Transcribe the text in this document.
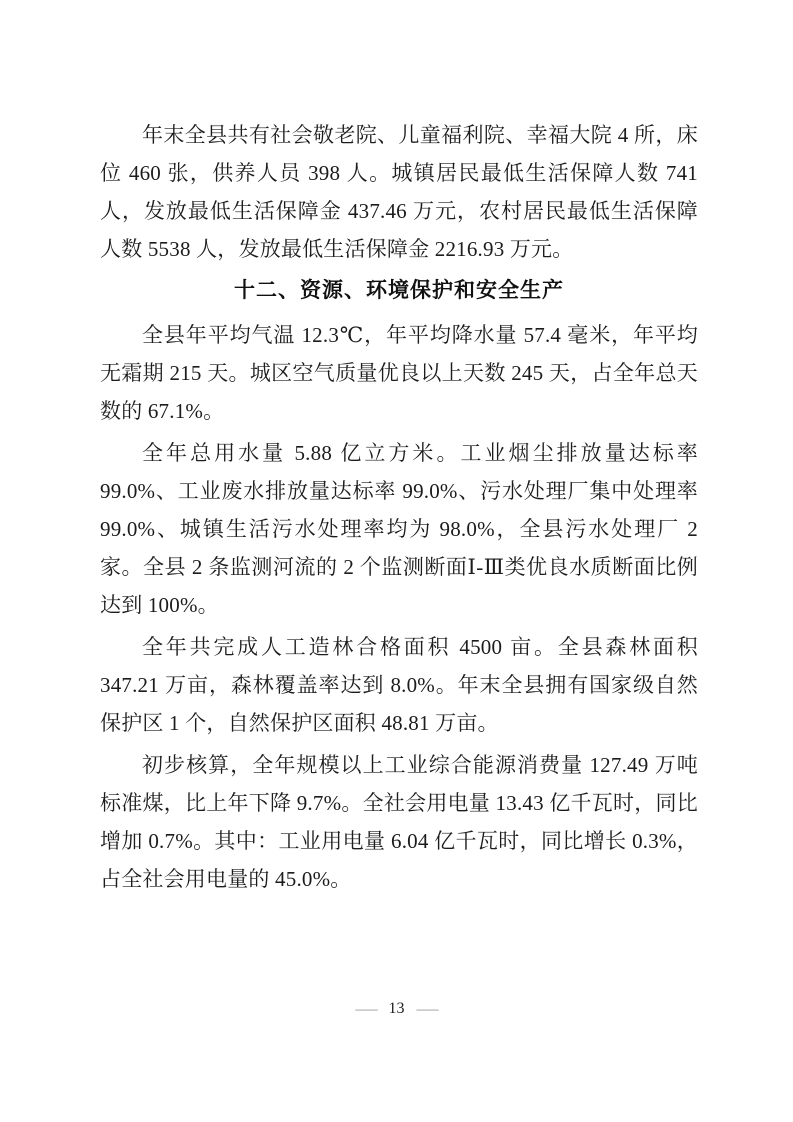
年末全县共有社会敬老院、儿童福利院、幸福大院 4 所，床位 460 张，供养人员 398 人。城镇居民最低生活保障人数 741 人，发放最低生活保障金 437.46 万元，农村居民最低生活保障人数 5538 人，发放最低生活保障金 2216.93 万元。

十二、资源、环境保护和安全生产

全县年平均气温 12.3℃，年平均降水量 57.4 毫米，年平均无霜期 215 天。城区空气质量优良以上天数 245 天，占全年总天数的 67.1%。

全年总用水量 5.88 亿立方米。工业烟尘排放量达标率 99.0%、工业废水排放量达标率 99.0%、污水处理厂集中处理率 99.0%、城镇生活污水处理率均为 98.0%，全县污水处理厂 2 家。全县 2 条监测河流的 2 个监测断面Ⅰ-Ⅲ类优良水质断面比例达到 100%。

全年共完成人工造林合格面积 4500 亩。全县森林面积 347.21 万亩，森林覆盖率达到 8.0%。年末全县拥有国家级自然保护区 1 个，自然保护区面积 48.81 万亩。

初步核算，全年规模以上工业综合能源消费量 127.49 万吨标准煤，比上年下降 9.7%。全社会用电量 13.43 亿千瓦时，同比增加 0.7%。其中：工业用电量 6.04 亿千瓦时，同比增长 0.3%，占全社会用电量的 45.0%。

— 13 —
